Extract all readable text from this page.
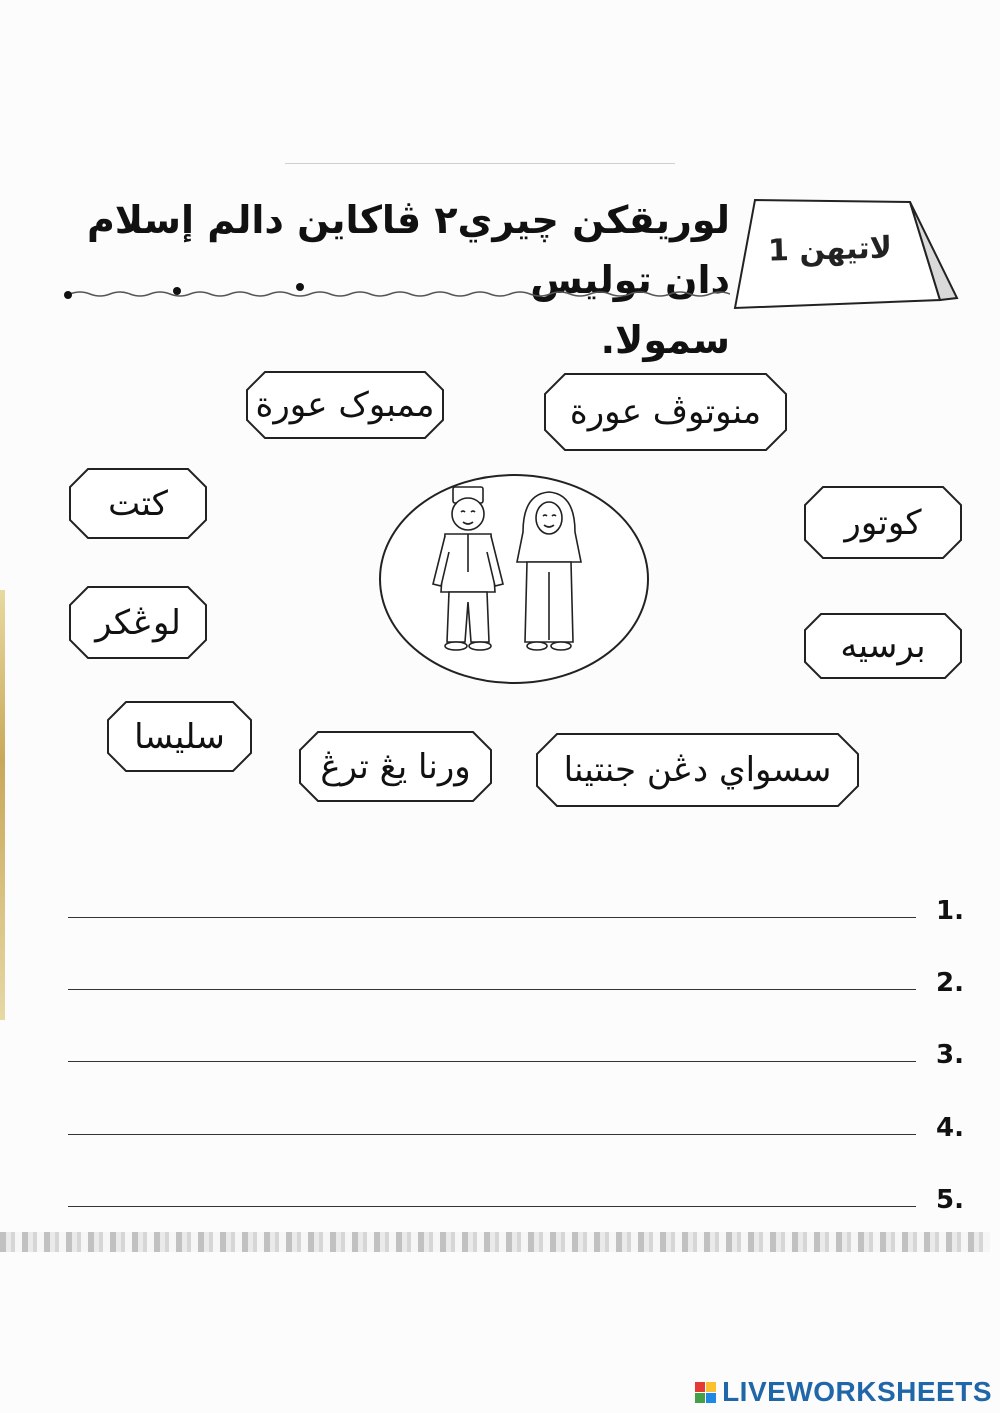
لاتيهن 1
لوريقكن چيري٢ ڤاكاين دالم إسلام دان توليس
سمولا.
ممبوک عورة	منوتوڤ عورة
كتت	كوتور
لوڠكر
برسيه
سليسا
ورنا يڠ ترڠ	سسواي دڠن جنتينا
1.
2.
3.
4.
5.
LIVEWORKSHEETS
